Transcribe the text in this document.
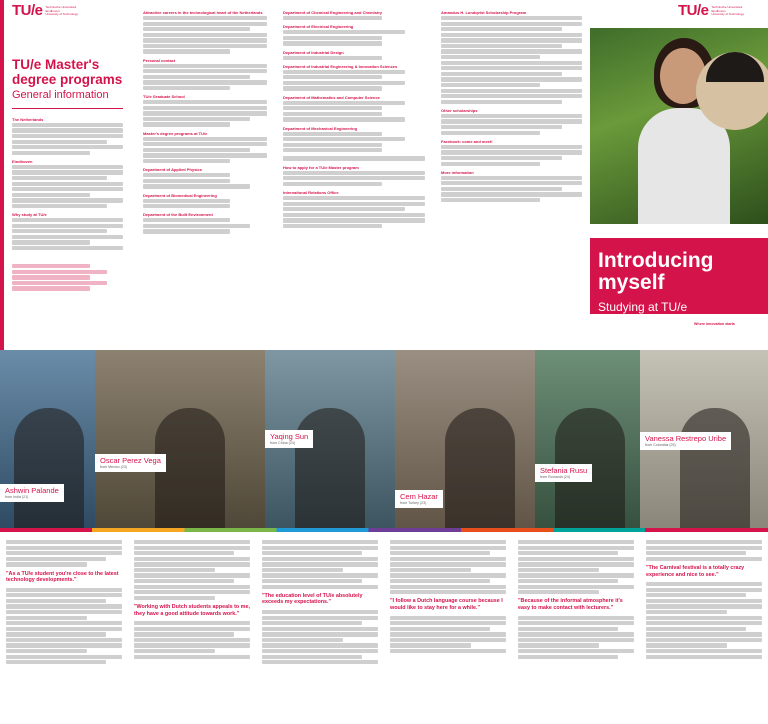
TU/e Technische Universiteit
Eindhoven
University of Technology
TU/e Master's degree programs
General information
The Netherlands
Eindhoven
Why study at TU/e
Attractive careers in the technological heart of the Netherlands
Personal contact
TU/e Graduate School
Master's degree programs at TU/e
Department of Applied Physics
Department of Biomedical Engineering
Department of the Built Environment
Department of Chemical Engineering and Chemistry
Department of Electrical Engineering
Department of Industrial Design
Department of Industrial Engineering & Innovation Sciences
Department of Mathematics and Computer Science
Department of Mechanical Engineering
How to apply for a TU/e Master program
International Relations Office
Amandus H. Lundqvist Scholarship Program
Other scholarships
Facebook: come and meet!
More information
TU/e Technische Universiteit
Eindhoven
University of Technology
Introducing myself
Studying at TU/e
Where innovation starts
Ashwin Palande
from India (21)
Oscar Perez Vega
from Mexico (23)
Yaqing Sun
from China (24)
Cem Hazar
from Turkey (23)
Stefania Rusu
from Romania (24)
Vanessa Restrepo Uribe
from Colombia (25)
"As a TU/e student you're close to the latest technology developments."
"Working with Dutch students appeals to me, they have a good attitude towards work."
"The education level of TU/e absolutely exceeds my expectations."	"I follow a Dutch language course because I would like to stay here for a while."
"Because of the informal atmosphere it's easy to make contact with lecturers."
"The Carnival festival is a totally crazy experience and nice to see."
